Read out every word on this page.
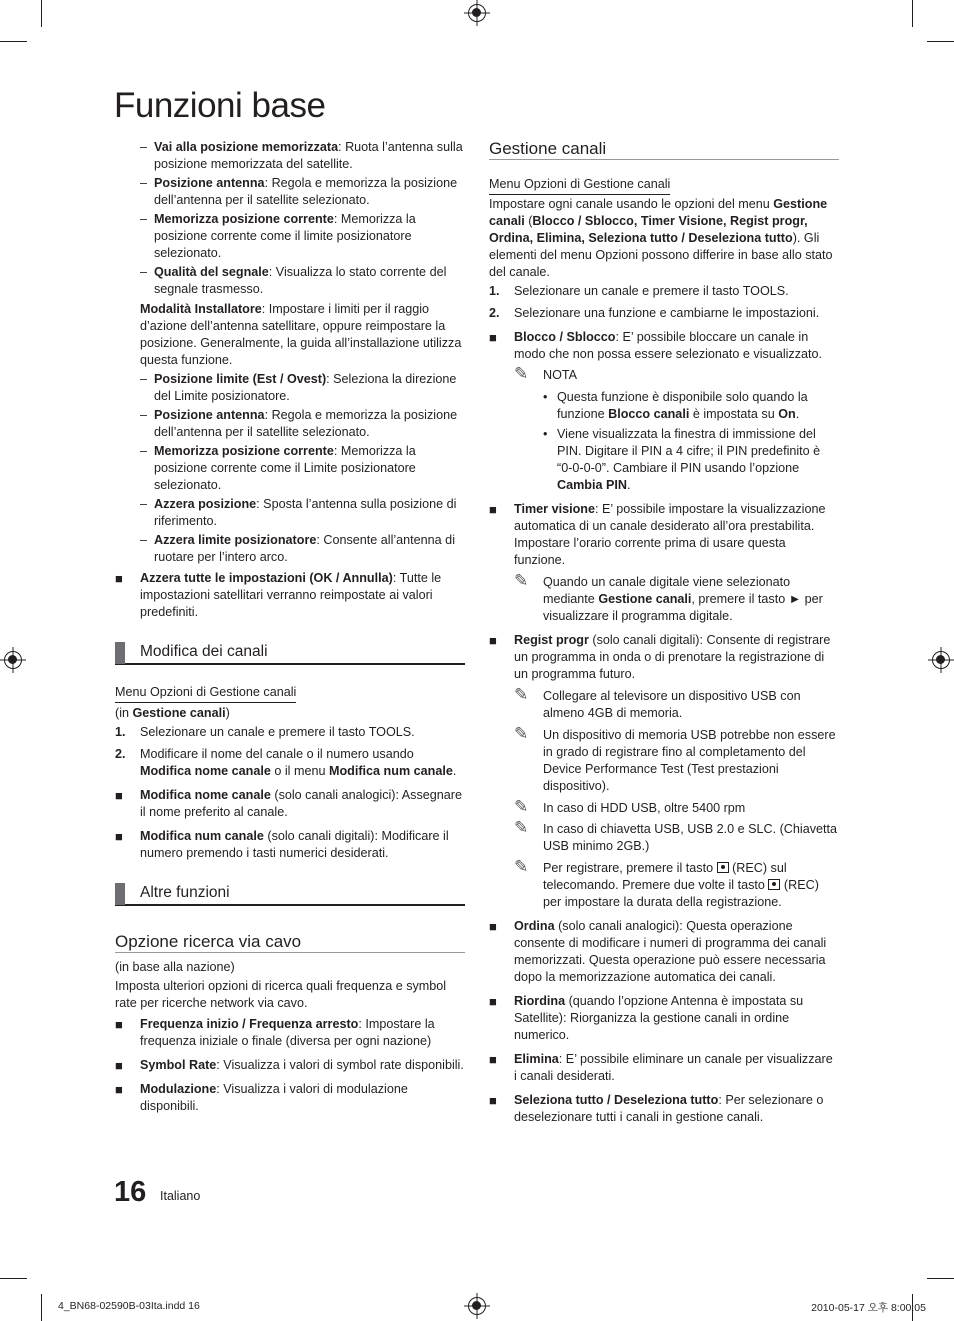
Funzioni base
– Vai alla posizione memorizzata: Ruota l’antenna sulla posizione memorizzata del satellite.
– Posizione antenna: Regola e memorizza la posizione dell’antenna per il satellite selezionato.
– Memorizza posizione corrente: Memorizza la posizione corrente come il limite posizionatore selezionato.
– Qualità del segnale: Visualizza lo stato corrente del segnale trasmesso.

Modalità Installatore: Impostare i limiti per il raggio d’azione dell’antenna satellitare, oppure reimpostare la posizione. Generalmente, la guida all’installazione utilizza questa funzione.

– Posizione limite (Est / Ovest): Seleziona la direzione del Limite posizionatore.
– Posizione antenna: Regola e memorizza la posizione dell’antenna per il satellite selezionato.
– Memorizza posizione corrente: Memorizza la posizione corrente come il Limite posizionatore selezionato.
– Azzera posizione: Sposta l’antenna sulla posizione di riferimento.
– Azzera limite posizionatore: Consente all’antenna di ruotare per l’intero arco.
■ Azzera tutte le impostazioni (OK / Annulla): Tutte le impostazioni satellitari verranno reimpostate ai valori predefiniti.
Modifica dei canali
Menu Opzioni di Gestione canali

(in Gestione canali)

1. Selezionare un canale e premere il tasto TOOLS.
2. Modificare il nome del canale o il numero usando Modifica nome canale o il menu Modifica num canale.
■ Modifica nome canale (solo canali analogici): Assegnare il nome preferito al canale.
■ Modifica num canale (solo canali digitali): Modificare il numero premendo i tasti numerici desiderati.
Altre funzioni
Opzione ricerca via cavo

(in base alla nazione)

Imposta ulteriori opzioni di ricerca quali frequenza e symbol rate per ricerche network via cavo.

■ Frequenza inizio / Frequenza arresto: Impostare la frequenza iniziale o finale (diversa per ogni nazione)
■ Symbol Rate: Visualizza i valori di symbol rate disponibili.
■ Modulazione: Visualizza i valori di modulazione disponibili.
Gestione canali
Menu Opzioni di Gestione canali

Impostare ogni canale usando le opzioni del menu Gestione canali (Blocco / Sblocco, Timer Visione, Regist progr, Ordina, Elimina, Seleziona tutto / Deseleziona tutto). Gli elementi del menu Opzioni possono differire in base allo stato del canale.

1. Selezionare un canale e premere il tasto TOOLS.
2. Selezionare una funzione e cambiarne le impostazioni.
■ Blocco / Sblocco: E’ possibile bloccare un canale in modo che non possa essere selezionato e visualizzato.
✎ NOTA
• Questa funzione è disponibile solo quando la funzione Blocco canali è impostata su On.
• Viene visualizzata la finestra di immissione del PIN. Digitare il PIN a 4 cifre; il PIN predefinito è “0-0-0-0”. Cambiare il PIN usando l’opzione Cambia PIN.
■ Timer visione: E’ possibile impostare la visualizzazione automatica di un canale desiderato all’ora prestabilita. Impostare l’orario corrente prima di usare questa funzione.
✎ Quando un canale digitale viene selezionato mediante Gestione canali, premere il tasto ► per visualizzare il programma digitale.
■ Regist progr (solo canali digitali): Consente di registrare un programma in onda o di prenotare la registrazione di un programma futuro.
✎ Collegare al televisore un dispositivo USB con almeno 4GB di memoria.
✎ Un dispositivo di memoria USB potrebbe non essere in grado di registrare fino al completamento del Device Performance Test (Test prestazioni dispositivo).
✎ In caso di HDD USB, oltre 5400 rpm
✎ In caso di chiavetta USB, USB 2.0 e SLC. (Chiavetta USB minimo 2GB.)
✎ Per registrare, premere il tasto  (REC) sul telecomando. Premere due volte il tasto  (REC) per impostare la durata della registrazione.
■ Ordina (solo canali analogici): Questa operazione consente di modificare i numeri di programma dei canali memorizzati. Questa operazione può essere necessaria dopo la memorizzazione automatica dei canali.
■ Riordina (quando l’opzione Antenna è impostata su Satellite): Riorganizza la gestione canali in ordine numerico.
■ Elimina: E’ possibile eliminare un canale per visualizzare i canali desiderati.
■ Seleziona tutto / Deseleziona tutto: Per selezionare o deselezionare tutti i canali in gestione canali.
16 Italiano
4_BN68-02590B-03Ita.indd 16	2010-05-17 오후 8:00:05
